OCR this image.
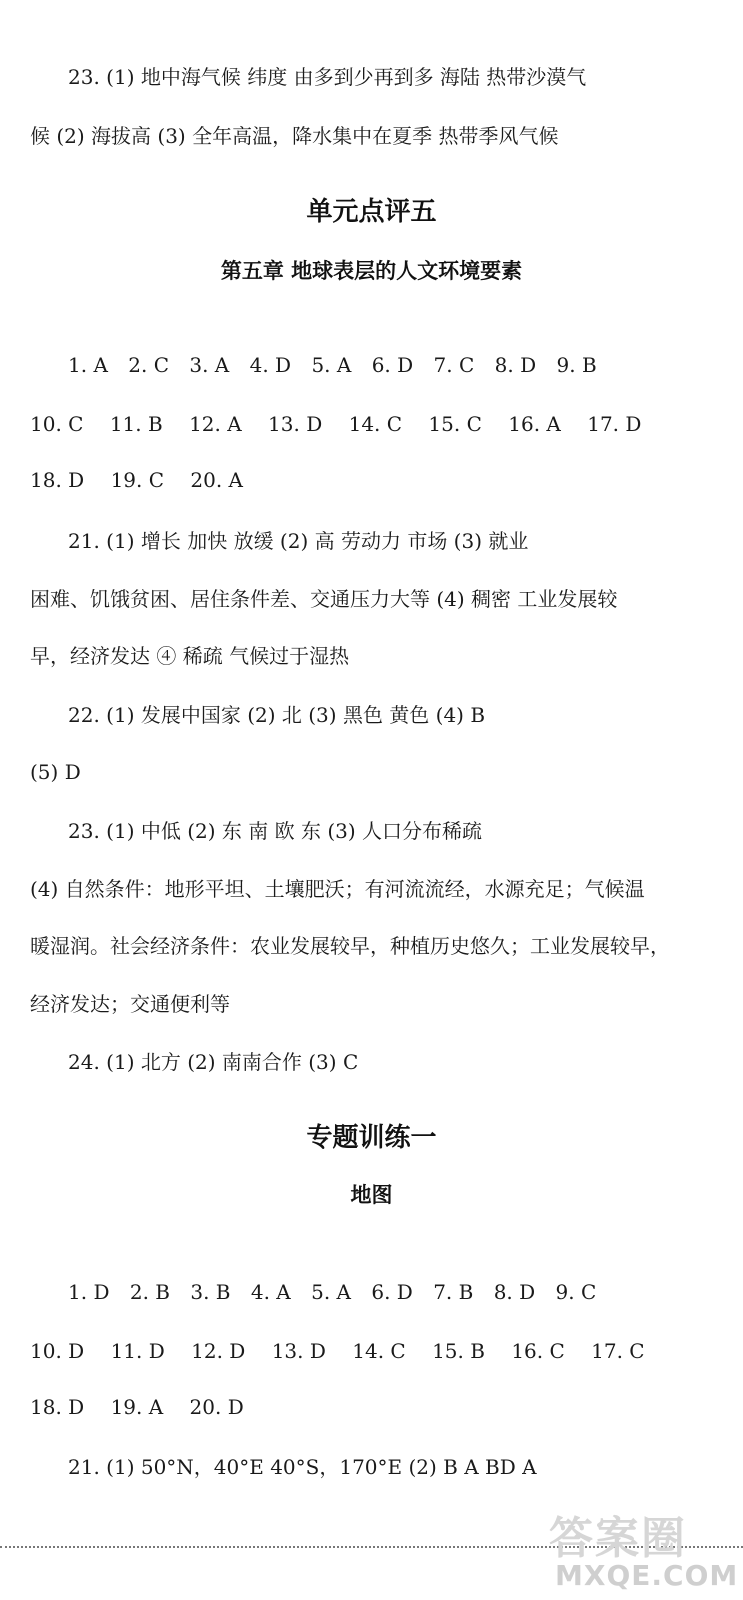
23. (1) 地中海气候 纬度 由多到少再到多 海陆 热带沙漠气
候 (2) 海拔高 (3) 全年高温，降水集中在夏季 热带季风气候
单元点评五
第五章 地球表层的人文环境要素
1. A 2. C 3. A 4. D 5. A 6. D 7. C 8. D 9. B
10. C 11. B 12. A 13. D 14. C 15. C 16. A 17. D
18. D 19. C 20. A
21. (1) 增长 加快 放缓 (2) 高 劳动力 市场 (3) 就业
困难、饥饿贫困、居住条件差、交通压力大等 (4) 稠密 工业发展较
早，经济发达 ④ 稀疏 气候过于湿热
22. (1) 发展中国家 (2) 北 (3) 黑色 黄色 (4) B
(5) D
23. (1) 中低 (2) 东 南 欧 东 (3) 人口分布稀疏
(4) 自然条件：地形平坦、土壤肥沃；有河流流经，水源充足；气候温
暖湿润。社会经济条件：农业发展较早，种植历史悠久；工业发展较早，
经济发达；交通便利等
24. (1) 北方 (2) 南南合作 (3) C
专题训练一
地图
1. D 2. B 3. B 4. A 5. A 6. D 7. B 8. D 9. C
10. D 11. D 12. D 13. D 14. C 15. B 16. C 17. C
18. D 19. A 20. D
21. (1) 50°N，40°E 40°S，170°E (2) B A BD A
答案圈
MXQE.COM
